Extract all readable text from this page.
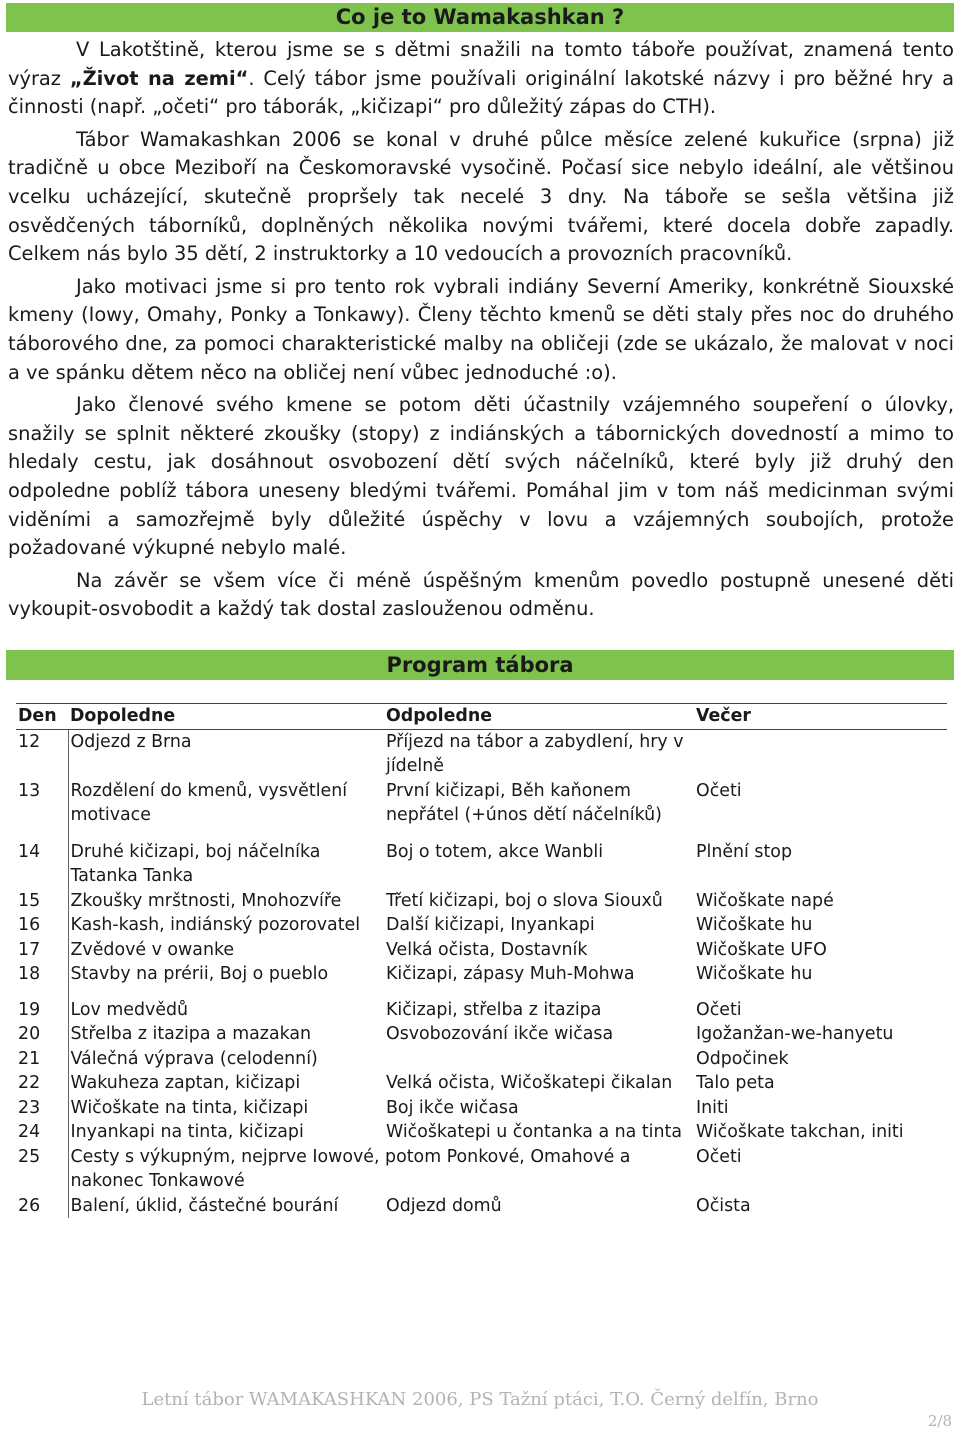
Co je to Wamakashkan ?

V Lakotštině, kterou jsme se s dětmi snažili na tomto táboře používat, znamená tento výraz „Život na zemi“. Celý tábor jsme používali originální lakotské názvy i pro běžné hry a činnosti (např. „očeti“ pro táborák, „kičizapi“ pro důležitý zápas do CTH).

Tábor Wamakashkan 2006 se konal v druhé půlce měsíce zelené kukuřice (srpna) již tradičně u obce Meziboří na Českomoravské vysočině. Počasí sice nebylo ideální, ale většinou vcelku ucházející, skutečně propršely tak necelé 3 dny. Na táboře se sešla většina již osvědčených táborníků, doplněných několika novými tvářemi, které docela dobře zapadly. Celkem nás bylo 35 dětí, 2 instruktorky a 10 vedoucích a provozních pracovníků.

Jako motivaci jsme si pro tento rok vybrali indiány Severní Ameriky, konkrétně Siouxské kmeny (Iowy, Omahy, Ponky a Tonkawy). Členy těchto kmenů se děti staly přes noc do druhého táborového dne, za pomoci charakteristické malby na obličeji (zde se ukázalo, že malovat v noci a ve spánku dětem něco na obličej není vůbec jednoduché :o).

Jako členové svého kmene se potom děti účastnily vzájemného soupeření o úlovky, snažily se splnit některé zkoušky (stopy) z indiánských a tábornických dovedností a mimo to hledaly cestu, jak dosáhnout osvobození dětí svých náčelníků, které byly již druhý den odpoledne poblíž tábora uneseny bledými tvářemi. Pomáhal jim v tom náš medicinman svými viděními a samozřejmě byly důležité úspěchy v lovu a vzájemných soubojích, protože požadované výkupné nebylo malé.

Na závěr se všem více či méně úspěšným kmenům povedlo postupně unesené děti vykoupit-osvobodit a každý tak dostal zaslouženou odměnu.

Program tábora
Den	Dopoledne	Odpoledne	Večer
12	Odjezd z Brna	Příjezd na tábor a zabydlení, hry v jídelně	
13	Rozdělení do kmenů, vysvětlení motivace	První kičizapi, Běh kaňonem nepřátel (+únos dětí náčelníků)	Očeti

14	Druhé kičizapi, boj náčelníka Tatanka Tanka	Boj o totem, akce Wanbli	Plnění stop
15	Zkoušky mrštnosti, Mnohozvíře	Třetí kičizapi, boj o slova Siouxů	Wičoškate napé
16	Kash-kash, indiánský pozorovatel	Další kičizapi, Inyankapi	Wičoškate hu
17	Zvědové v owanke	Velká očista, Dostavník	Wičoškate UFO
18	Stavby na prérii, Boj o pueblo	Kičizapi, zápasy Muh-Mohwa	Wičoškate hu

19	Lov medvědů	Kičizapi, střelba z itazipa	Očeti
20	Střelba z itazipa a mazakan	Osvobozování ikče wičasa	Igožanžan-we-hanyetu
21	Válečná výprava (celodenní)		Odpočinek
22	Wakuheza zaptan, kičizapi	Velká očista, Wičoškatepi čikalan	Talo peta
23	Wičoškate na tinta, kičizapi	Boj ikče wičasa	Initi
24	Inyankapi na tinta, kičizapi	Wičoškatepi u čontanka a na tinta	Wičoškate takchan, initi
25	Cesty s výkupným, nejprve Iowové, potom Ponkové, Omahové a nakonec Tonkawové		Očeti
26	Balení, úklid, částečné bourání	Odjezd domů	Očista
Letní tábor WAMAKASHKAN 2006, PS Tažní ptáci, T.O. Černý delfín, Brno
2/8
